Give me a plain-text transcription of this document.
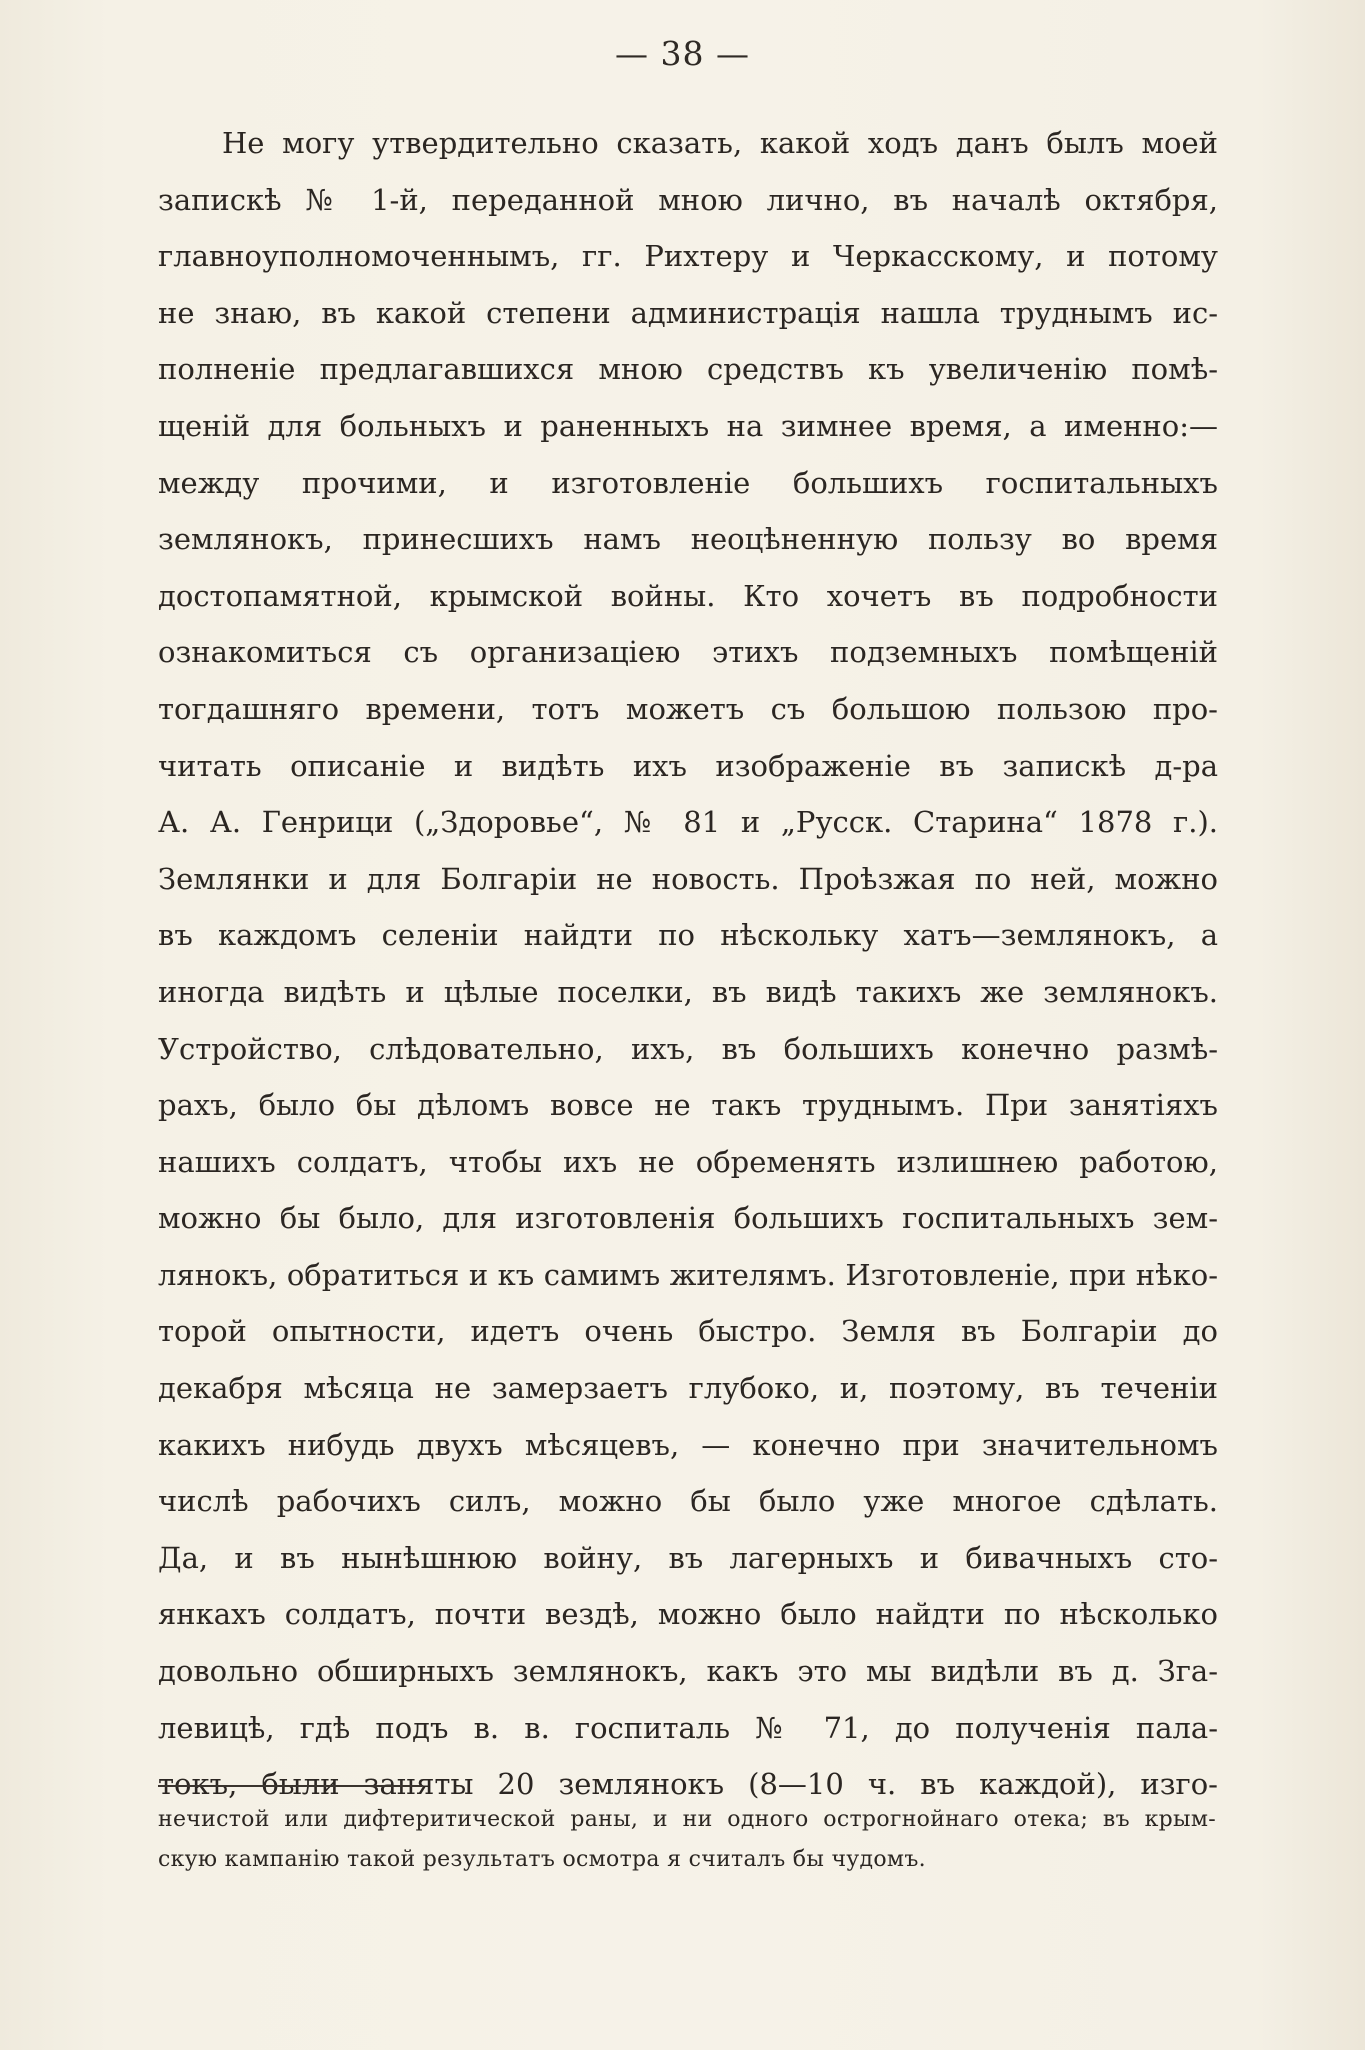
— 38 —
Не могу утвердительно сказать, какой ходъ данъ былъ моей
запискѣ № 1-й, переданной мною лично, въ началѣ октября,
главноуполномоченнымъ, гг. Рихтеру и Черкасскому, и потому
не знаю, въ какой степени администрація нашла труднымъ ис-
полненіе предлагавшихся мною средствъ къ увеличенію помѣ-
щеній для больныхъ и раненныхъ на зимнее время, а именно:—
между прочими, и изготовленіе большихъ госпитальныхъ
землянокъ, принесшихъ намъ неоцѣненную пользу во время
достопамятной, крымской войны. Кто хочетъ въ подробности
ознакомиться съ организаціею этихъ подземныхъ помѣщеній
тогдашняго времени, тотъ можетъ съ большою пользою про-
читать описаніе и видѣть ихъ изображеніе въ запискѣ д-ра
А. А. Генрици („Здоровье“, № 81 и „Русск. Старина“ 1878 г.).
Землянки и для Болгаріи не новость. Проѣзжая по ней, можно
въ каждомъ селеніи найдти по нѣскольку хатъ—землянокъ, а
иногда видѣть и цѣлые поселки, въ видѣ такихъ же землянокъ.
Устройство, слѣдовательно, ихъ, въ большихъ конечно размѣ-
рахъ, было бы дѣломъ вовсе не такъ труднымъ. При занятіяхъ
нашихъ солдатъ, чтобы ихъ не обременять излишнею работою,
можно бы было, для изготовленія большихъ госпитальныхъ зем-
лянокъ, обратиться и къ самимъ жителямъ. Изготовленіе, при нѣко-
торой опытности, идетъ очень быстро. Земля въ Болгаріи до
декабря мѣсяца не замерзаетъ глубоко, и, поэтому, въ теченіи
какихъ нибудь двухъ мѣсяцевъ, — конечно при значительномъ
числѣ рабочихъ силъ, можно бы было уже многое сдѣлать.
Да, и въ нынѣшнюю войну, въ лагерныхъ и бивачныхъ сто-
янкахъ солдатъ, почти вездѣ, можно было найдти по нѣсколько
довольно обширныхъ землянокъ, какъ это мы видѣли въ д. Зга-
левицѣ, гдѣ подъ в. в. госпиталь № 71, до полученія пала-
токъ, были заняты 20 землянокъ (8—10 ч. въ каждой), изго-
нечистой или дифтеритической раны, и ни одного острогнойнаго отека; въ крым-
скую кампанію такой результатъ осмотра я считалъ бы чудомъ.
